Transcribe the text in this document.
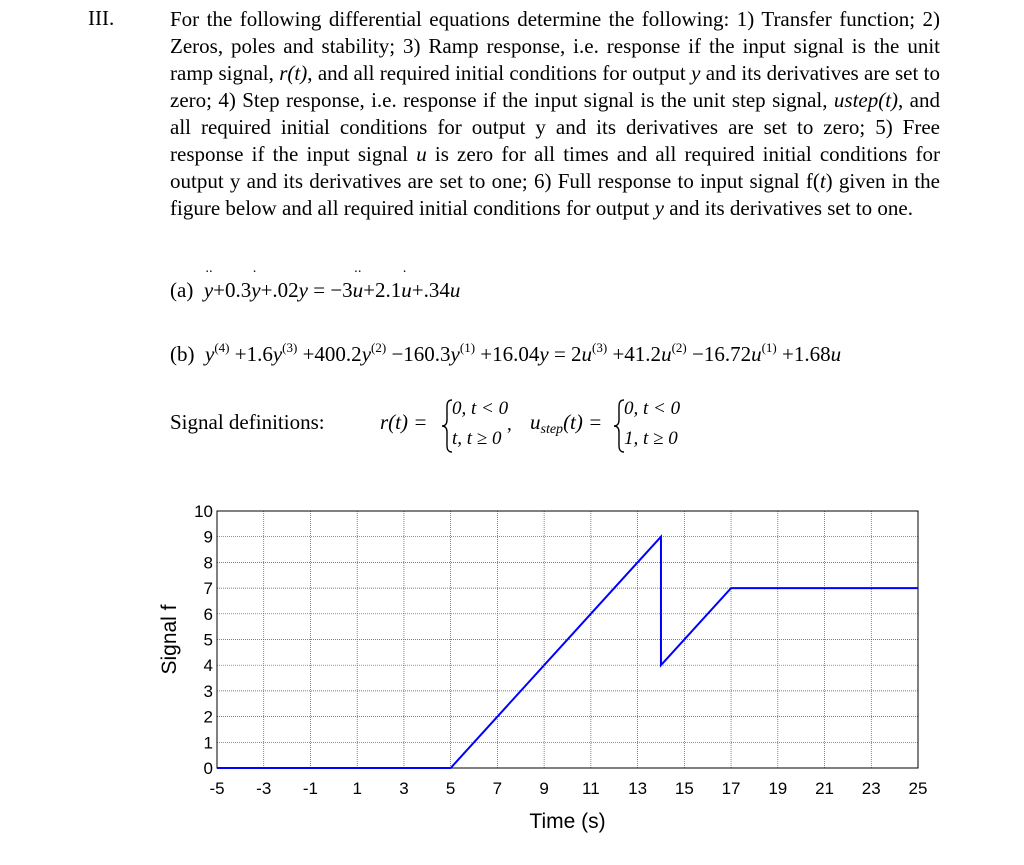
III.	For the following differential equations determine the following: 1) Transfer function; 2) Zeros, poles and stability; 3) Ramp response, i.e. response if the input signal is the unit ramp signal, r(t), and all required initial conditions for output y and its derivatives are set to zero; 4) Step response, i.e. response if the input signal is the unit step signal, ustep(t), and all required initial conditions for output y and its derivatives are set to zero; 5) Free response if the input signal u is zero for all times and all required initial conditions for output y and its derivatives are set to one; 6) Full response to input signal f(t) given in the figure below and all required initial conditions for output y and its derivatives set to one.
(a) y ··+0.3y ·+.02y = −3u ··+2.1u ·+.34u
(b) $y^{(4)} +1.6y^{(3)} +400.2y^{(2)} -160.3y^{(1)} +16.04y = 2u^{(3)} +41.2u^{(2)} -16.72u^{(1)} +1.68u$
Signal definitions:	r(t) =
0, t < 0
t, t ≥ 0
, $u_{step}(t)$ =
0, t < 0
1, t ≥ 0
-5 -3 -1 1 3 5 7 9 11 13 15 17 19 21 23 25
0
1
2
3
4
5
6
7
8
9
10
Time (s)
Signal f
